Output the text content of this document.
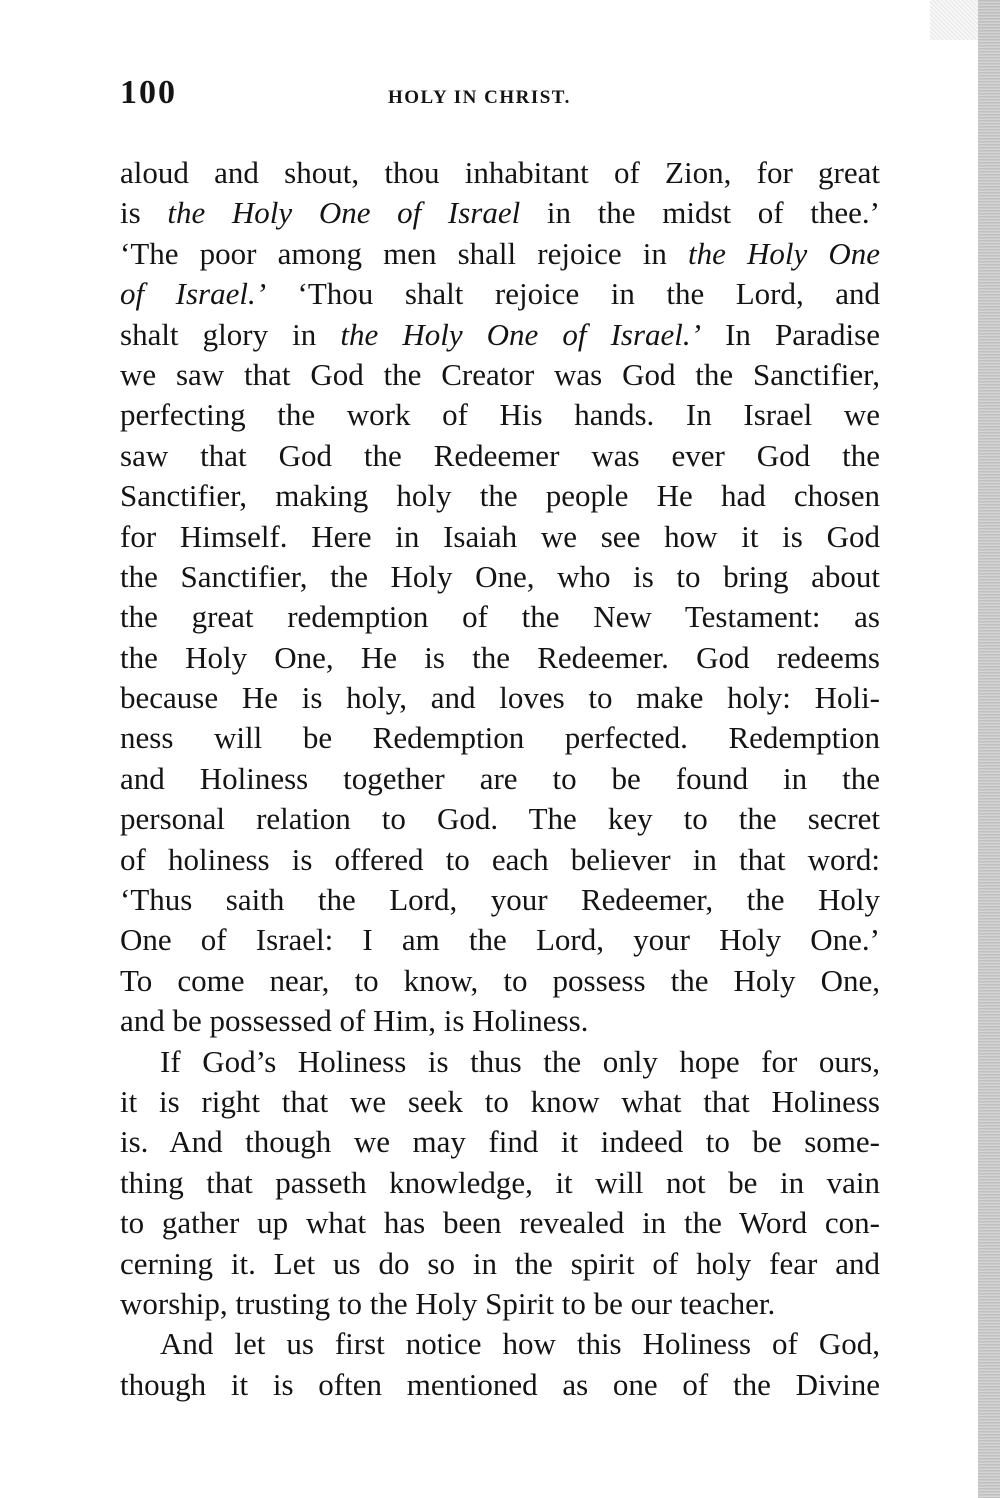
100	HOLY IN CHRIST.
aloud and shout, thou inhabitant of Zion, for great
is the Holy One of Israel in the midst of thee.’
‘The poor among men shall rejoice in the Holy One
of Israel.’ ‘Thou shalt rejoice in the Lord, and
shalt glory in the Holy One of Israel.’ In Paradise
we saw that God the Creator was God the Sanctifier,
perfecting the work of His hands. In Israel we
saw that God the Redeemer was ever God the
Sanctifier, making holy the people He had chosen
for Himself. Here in Isaiah we see how it is God
the Sanctifier, the Holy One, who is to bring about
the great redemption of the New Testament: as
the Holy One, He is the Redeemer. God redeems
because He is holy, and loves to make holy: Holi-
ness will be Redemption perfected. Redemption
and Holiness together are to be found in the
personal relation to God. The key to the secret
of holiness is offered to each believer in that word:
‘Thus saith the Lord, your Redeemer, the Holy
One of Israel: I am the Lord, your Holy One.’
To come near, to know, to possess the Holy One,
and be possessed of Him, is Holiness.
If God’s Holiness is thus the only hope for ours,
it is right that we seek to know what that Holiness
is. And though we may find it indeed to be some-
thing that passeth knowledge, it will not be in vain
to gather up what has been revealed in the Word con-
cerning it. Let us do so in the spirit of holy fear and
worship, trusting to the Holy Spirit to be our teacher.
And let us first notice how this Holiness of God,
though it is often mentioned as one of the Divine
